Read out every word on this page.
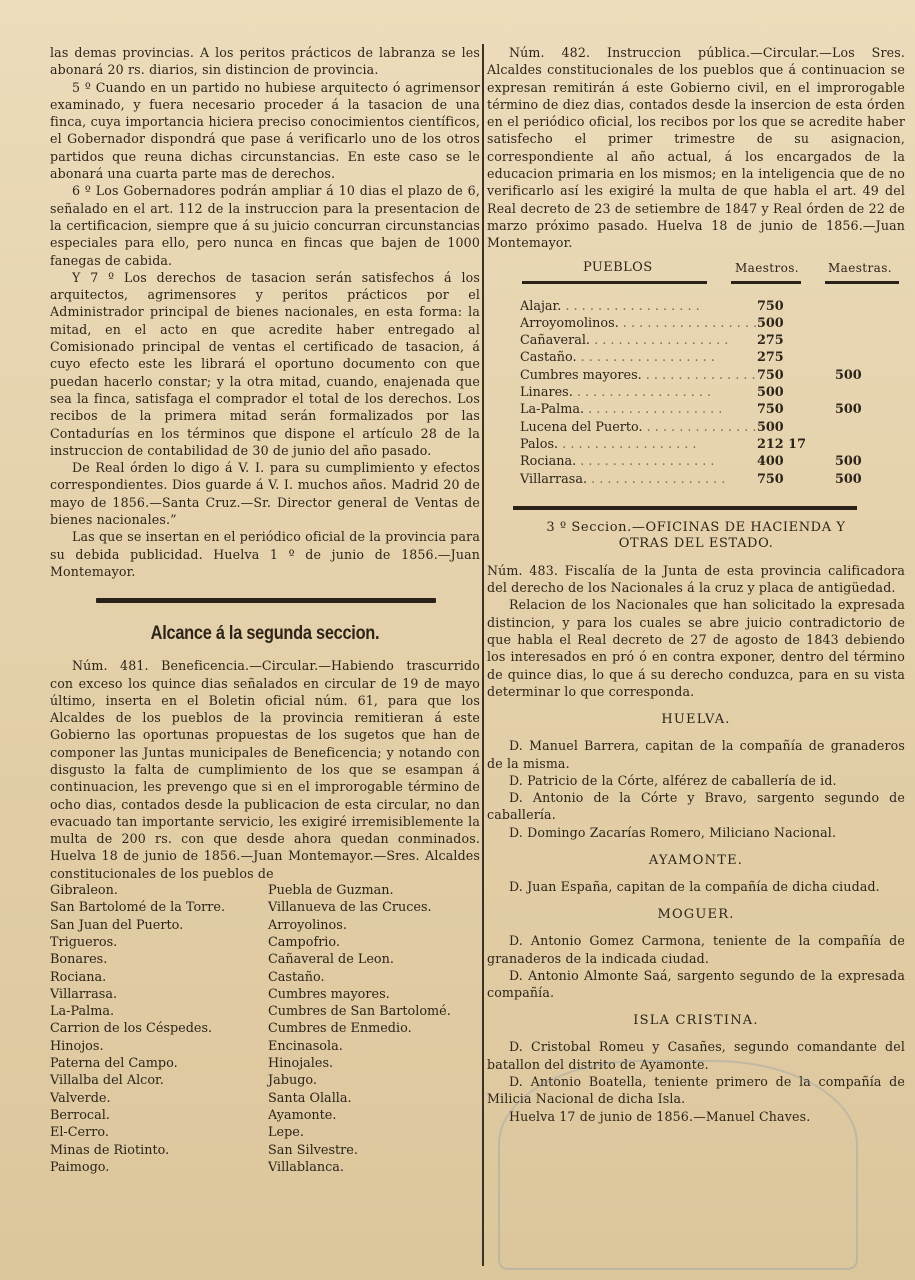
las demas provincias. A los peritos prácticos de labranza se les abonará 20 rs. diarios, sin distincion de provincia.

5 º Cuando en un partido no hubiese arquitecto ó agrimensor examinado, y fuera necesario proceder á la tasacion de una finca, cuya importancia hiciera preciso conocimientos científicos, el Gobernador dispondrá que pase á verificarlo uno de los otros partidos que reuna dichas circunstancias. En este caso se le abonará una cuarta parte mas de derechos.

6 º Los Gobernadores podrán ampliar á 10 dias el plazo de 6, señalado en el art. 112 de la instruccion para la presentacion de la certificacion, siempre que á su juicio concurran circunstancias especiales para ello, pero nunca en fincas que bajen de 1000 fanegas de cabida.

Y 7 º Los derechos de tasacion serán satisfechos á los arquitectos, agrimensores y peritos prácticos por el Administrador principal de bienes nacionales, en esta forma: la mitad, en el acto en que acredite haber entregado al Comisionado principal de ventas el certificado de tasacion, á cuyo efecto este les librará el oportuno documento con que puedan hacerlo constar; y la otra mitad, cuando, enajenada que sea la finca, satisfaga el comprador el total de los derechos. Los recibos de la primera mitad serán formalizados por las Contadurías en los términos que dispone el artículo 28 de la instruccion de contabilidad de 30 de junio del año pasado.

De Real órden lo digo á V. I. para su cumplimiento y efectos correspondientes. Dios guarde á V. I. muchos años. Madrid 20 de mayo de 1856.—Santa Cruz.—Sr. Director general de Ventas de bienes nacionales.”

Las que se insertan en el periódico oficial de la provincia para su debida publicidad. Huelva 1 º de junio de 1856.—Juan Montemayor.

Alcance á la segunda seccion.

Núm. 481. Beneficencia.—Circular.—Habiendo trascurrido con exceso los quince dias señalados en circular de 19 de mayo último, inserta en el Boletin oficial núm. 61, para que los Alcaldes de los pueblos de la provincia remitieran á este Gobierno las oportunas propuestas de los sugetos que han de componer las Juntas municipales de Beneficencia; y notando con disgusto la falta de cumplimiento de los que se esampan á continuacion, les prevengo que si en el improrogable término de ocho dias, contados desde la publicacion de esta circular, no dan evacuado tan importante servicio, les exigiré irremisiblemente la multa de 200 rs. con que desde ahora quedan conminados. Huelva 18 de junio de 1856.—Juan Montemayor.—Sres. Alcaldes constitucionales de los pueblos de

Gibraleon.
San Bartolomé de la Torre.
San Juan del Puerto.
Trigueros.
Bonares.
Rociana.
Villarrasa.
La-Palma.
Carrion de los Céspedes.
Hinojos.
Paterna del Campo.
Villalba del Alcor.
Valverde.
Berrocal.
El-Cerro.
Minas de Riotinto.
Paimogo.
Puebla de Guzman.
Villanueva de las Cruces.
Arroyolinos.
Campofrio.
Cañaveral de Leon.
Castaño.
Cumbres mayores.
Cumbres de San Bartolomé.
Cumbres de Enmedio.
Encinasola.
Hinojales.
Jabugo.
Santa Olalla.
Ayamonte.
Lepe.
San Silvestre.
Villablanca.

Núm. 482. Instruccion pública.—Circular.—Los Sres. Alcaldes constitucionales de los pueblos que á continuacion se expresan remitirán á este Gobierno civil, en el improrogable término de diez dias, contados desde la insercion de esta órden en el periódico oficial, los recibos por los que se acredite haber satisfecho el primer trimestre de su asignacion, correspondiente al año actual, á los encargados de la educacion primaria en los mismos; en la inteligencia que de no verificarlo así les exigiré la multa de que habla el art. 49 del Real decreto de 23 de setiembre de 1847 y Real órden de 22 de marzo próximo pasado. Huelva 18 de junio de 1856.—Juan Montemayor.

PUEBLOS	Maestros.	Maestras.
Alajar. . . .	750
Arroyomolinos. . . .	500
Cañaveral. . . .	275
Castaño. . . .	275
Cumbres mayores. . . .	750	500
Linares. . . .	500
La-Palma. . . .	750	500
Lucena del Puerto. . . .	500
Palos. . . .	212 17
Rociana. . . .	400	500
Villarrasa. . . .	750	500
3 º Seccion.—OFICINAS DE HACIENDA Y
OTRAS DEL ESTADO.

Núm. 483. Fiscalía de la Junta de esta provincia calificadora del derecho de los Nacionales á la cruz y placa de antigüedad.

Relacion de los Nacionales que han solicitado la expresada distincion, y para los cuales se abre juicio contradictorio de que habla el Real decreto de 27 de agosto de 1843 debiendo los interesados en pró ó en contra exponer, dentro del término de quince dias, lo que á su derecho conduzca, para en su vista determinar lo que corresponda.

HUELVA.

D. Manuel Barrera, capitan de la compañía de granaderos de la misma.

D. Patricio de la Córte, alférez de caballería de id.

D. Antonio de la Córte y Bravo, sargento segundo de caballería.

D. Domingo Zacarías Romero, Miliciano Nacional.

AYAMONTE.

D. Juan España, capitan de la compañía de dicha ciudad.

MOGUER.

D. Antonio Gomez Carmona, teniente de la compañía de granaderos de la indicada ciudad.

D. Antonio Almonte Saá, sargento segundo de la expresada compañía.

ISLA CRISTINA.

D. Cristobal Romeu y Casañes, segundo comandante del batallon del distrito de Ayamonte.

D. Antonio Boatella, teniente primero de la compañía de Milicia Nacional de dicha Isla.

Huelva 17 de junio de 1856.—Manuel Chaves.
